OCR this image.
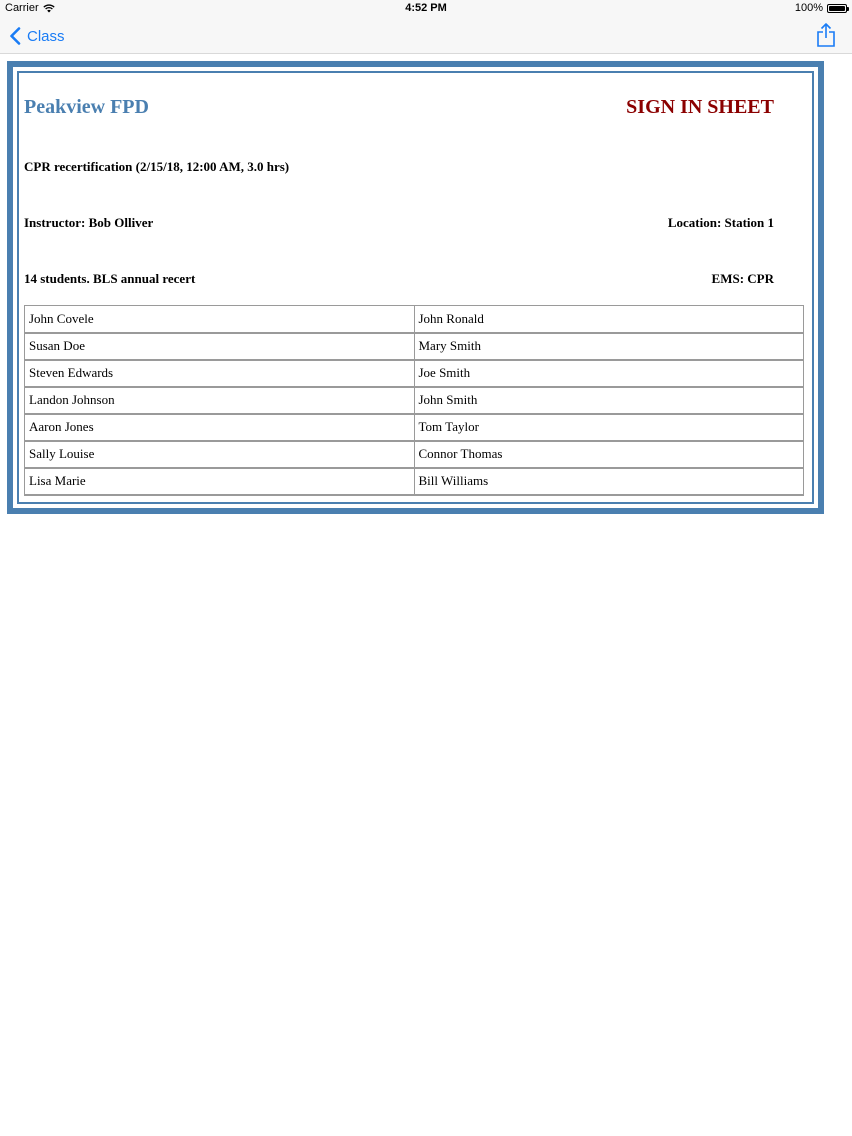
Carrier	4:52 PM	100%
Class
Peakview FPD	SIGN IN SHEET
CPR recertification (2/15/18, 12:00 AM, 3.0 hrs)
Instructor: Bob Olliver	Location: Station 1
14 students. BLS annual recert	EMS: CPR
John Covele	John Ronald
Susan Doe	Mary Smith
Steven Edwards	Joe Smith
Landon Johnson	John Smith
Aaron Jones	Tom Taylor
Sally Louise	Connor Thomas
Lisa Marie	Bill Williams
